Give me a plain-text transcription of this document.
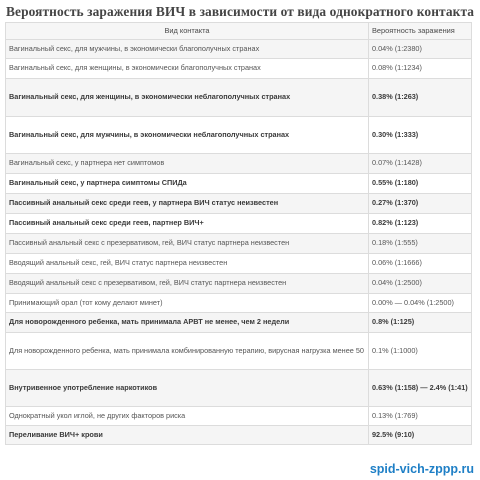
Вероятность заражения ВИЧ в зависимости от вида однократного контакта
Вид контакта	Вероятность заражения
Вагинальный секс, для мужчины, в экономически благополучных странах	0.04% (1:2380)
Вагинальный секс, для женщины, в экономически благополучных странах	0.08% (1:1234)
Вагинальный секс, для женщины, в экономически неблагополучных странах	0.38% (1:263)
Вагинальный секс, для мужчины, в экономически неблагополучных странах	0.30% (1:333)
Вагинальный секс, у партнера нет симптомов	0.07% (1:1428)
Вагинальный секс, у партнера симптомы СПИДа	0.55% (1:180)
Пассивный анальный секс среди геев, у партнера ВИЧ статус неизвестен	0.27% (1:370)
Пассивный анальный секс среди геев, партнер ВИЧ+	0.82% (1:123)
Пассивный анальный секс с презервативом, гей, ВИЧ статус партнера неизвестен	0.18% (1:555)
Вводящий анальный секс, гей, ВИЧ статус партнера неизвестен	0.06% (1:1666)
Вводящий анальный секс с презервативом, гей, ВИЧ статус партнера неизвестен	0.04% (1:2500)
Принимающий орал (тот кому делают минет)	0.00% — 0.04% (1:2500)
Для новорожденного ребенка, мать принимала АРВТ не менее, чем 2 недели	0.8% (1:125)
Для новорожденного ребенка, мать принимала комбинированную терапию, вирусная нагрузка менее 50	0.1% (1:1000)
Внутривенное употребление наркотиков	0.63% (1:158) — 2.4% (1:41)
Однократный укол иглой, не других факторов риска	0.13% (1:769)
Переливание ВИЧ+ крови	92.5% (9:10)
spid-vich-zppp.ru
